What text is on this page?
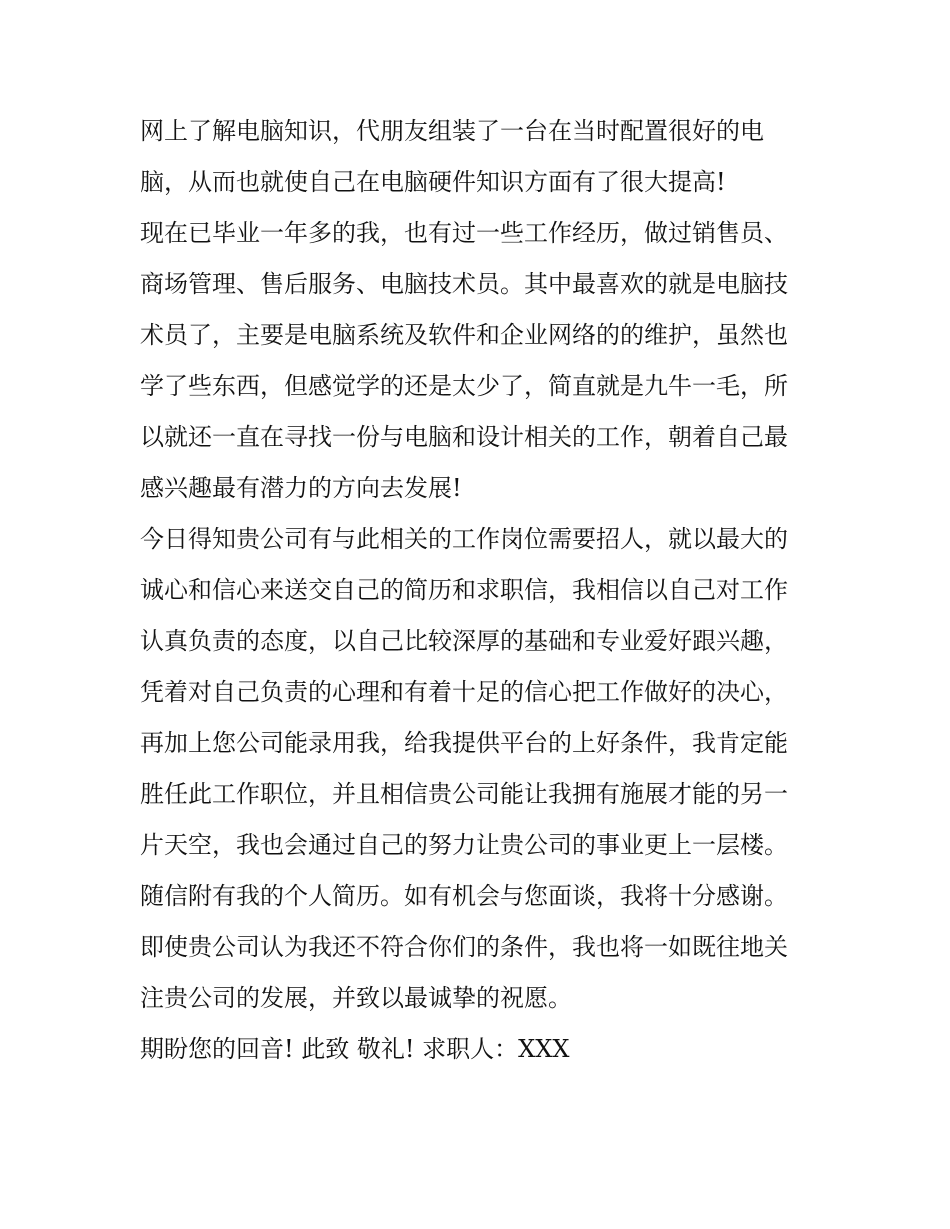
网上了解电脑知识，代朋友组装了一台在当时配置很好的电
脑，从而也就使自己在电脑硬件知识方面有了很大提高!
现在已毕业一年多的我，也有过一些工作经历，做过销售员、
商场管理、售后服务、电脑技术员。其中最喜欢的就是电脑技
术员了，主要是电脑系统及软件和企业网络的的维护，虽然也
学了些东西，但感觉学的还是太少了，简直就是九牛一毛，所
以就还一直在寻找一份与电脑和设计相关的工作，朝着自己最
感兴趣最有潜力的方向去发展!
今日得知贵公司有与此相关的工作岗位需要招人，就以最大的
诚心和信心来送交自己的简历和求职信，我相信以自己对工作
认真负责的态度，以自己比较深厚的基础和专业爱好跟兴趣，
凭着对自己负责的心理和有着十足的信心把工作做好的决心，
再加上您公司能录用我，给我提供平台的上好条件，我肯定能
胜任此工作职位，并且相信贵公司能让我拥有施展才能的另一
片天空，我也会通过自己的努力让贵公司的事业更上一层楼。
随信附有我的个人简历。如有机会与您面谈，我将十分感谢。
即使贵公司认为我还不符合你们的条件，我也将一如既往地关
注贵公司的发展，并致以最诚挚的祝愿。
期盼您的回音! 此致 敬礼! 求职人：XXX
